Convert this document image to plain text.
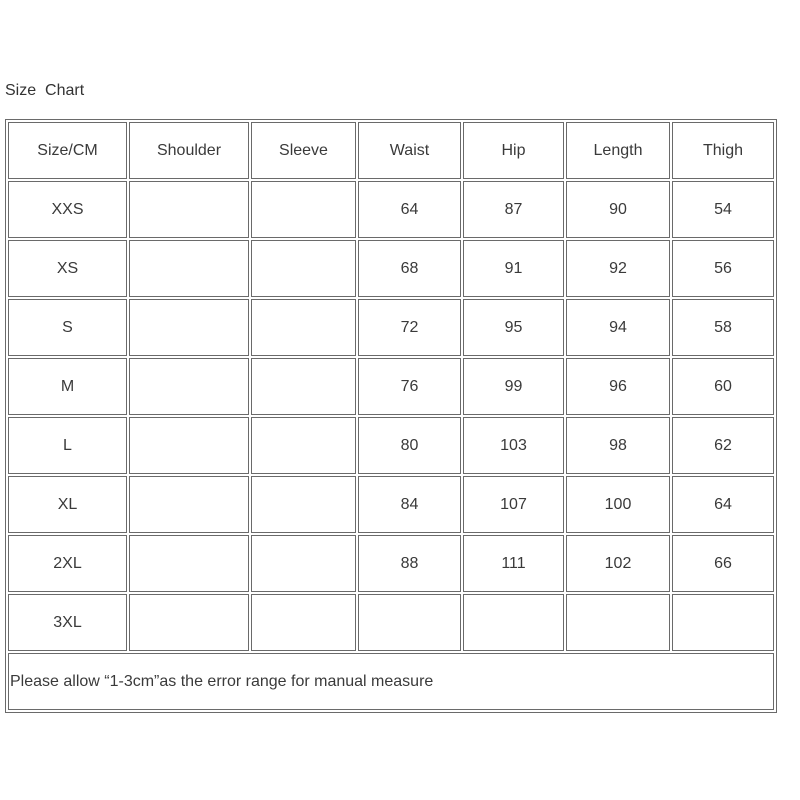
Size  Chart
Size/CM	Shoulder	Sleeve	Waist	Hip	Length	Thigh
XXS			64	87	90	54
XS			68	91	92	56
S			72	95	94	58
M			76	99	96	60
L			80	103	98	62
XL			84	107	100	64
2XL			88	111	102	66
3XL						
Please allow “1-3cm”as the error range for manual measure						
